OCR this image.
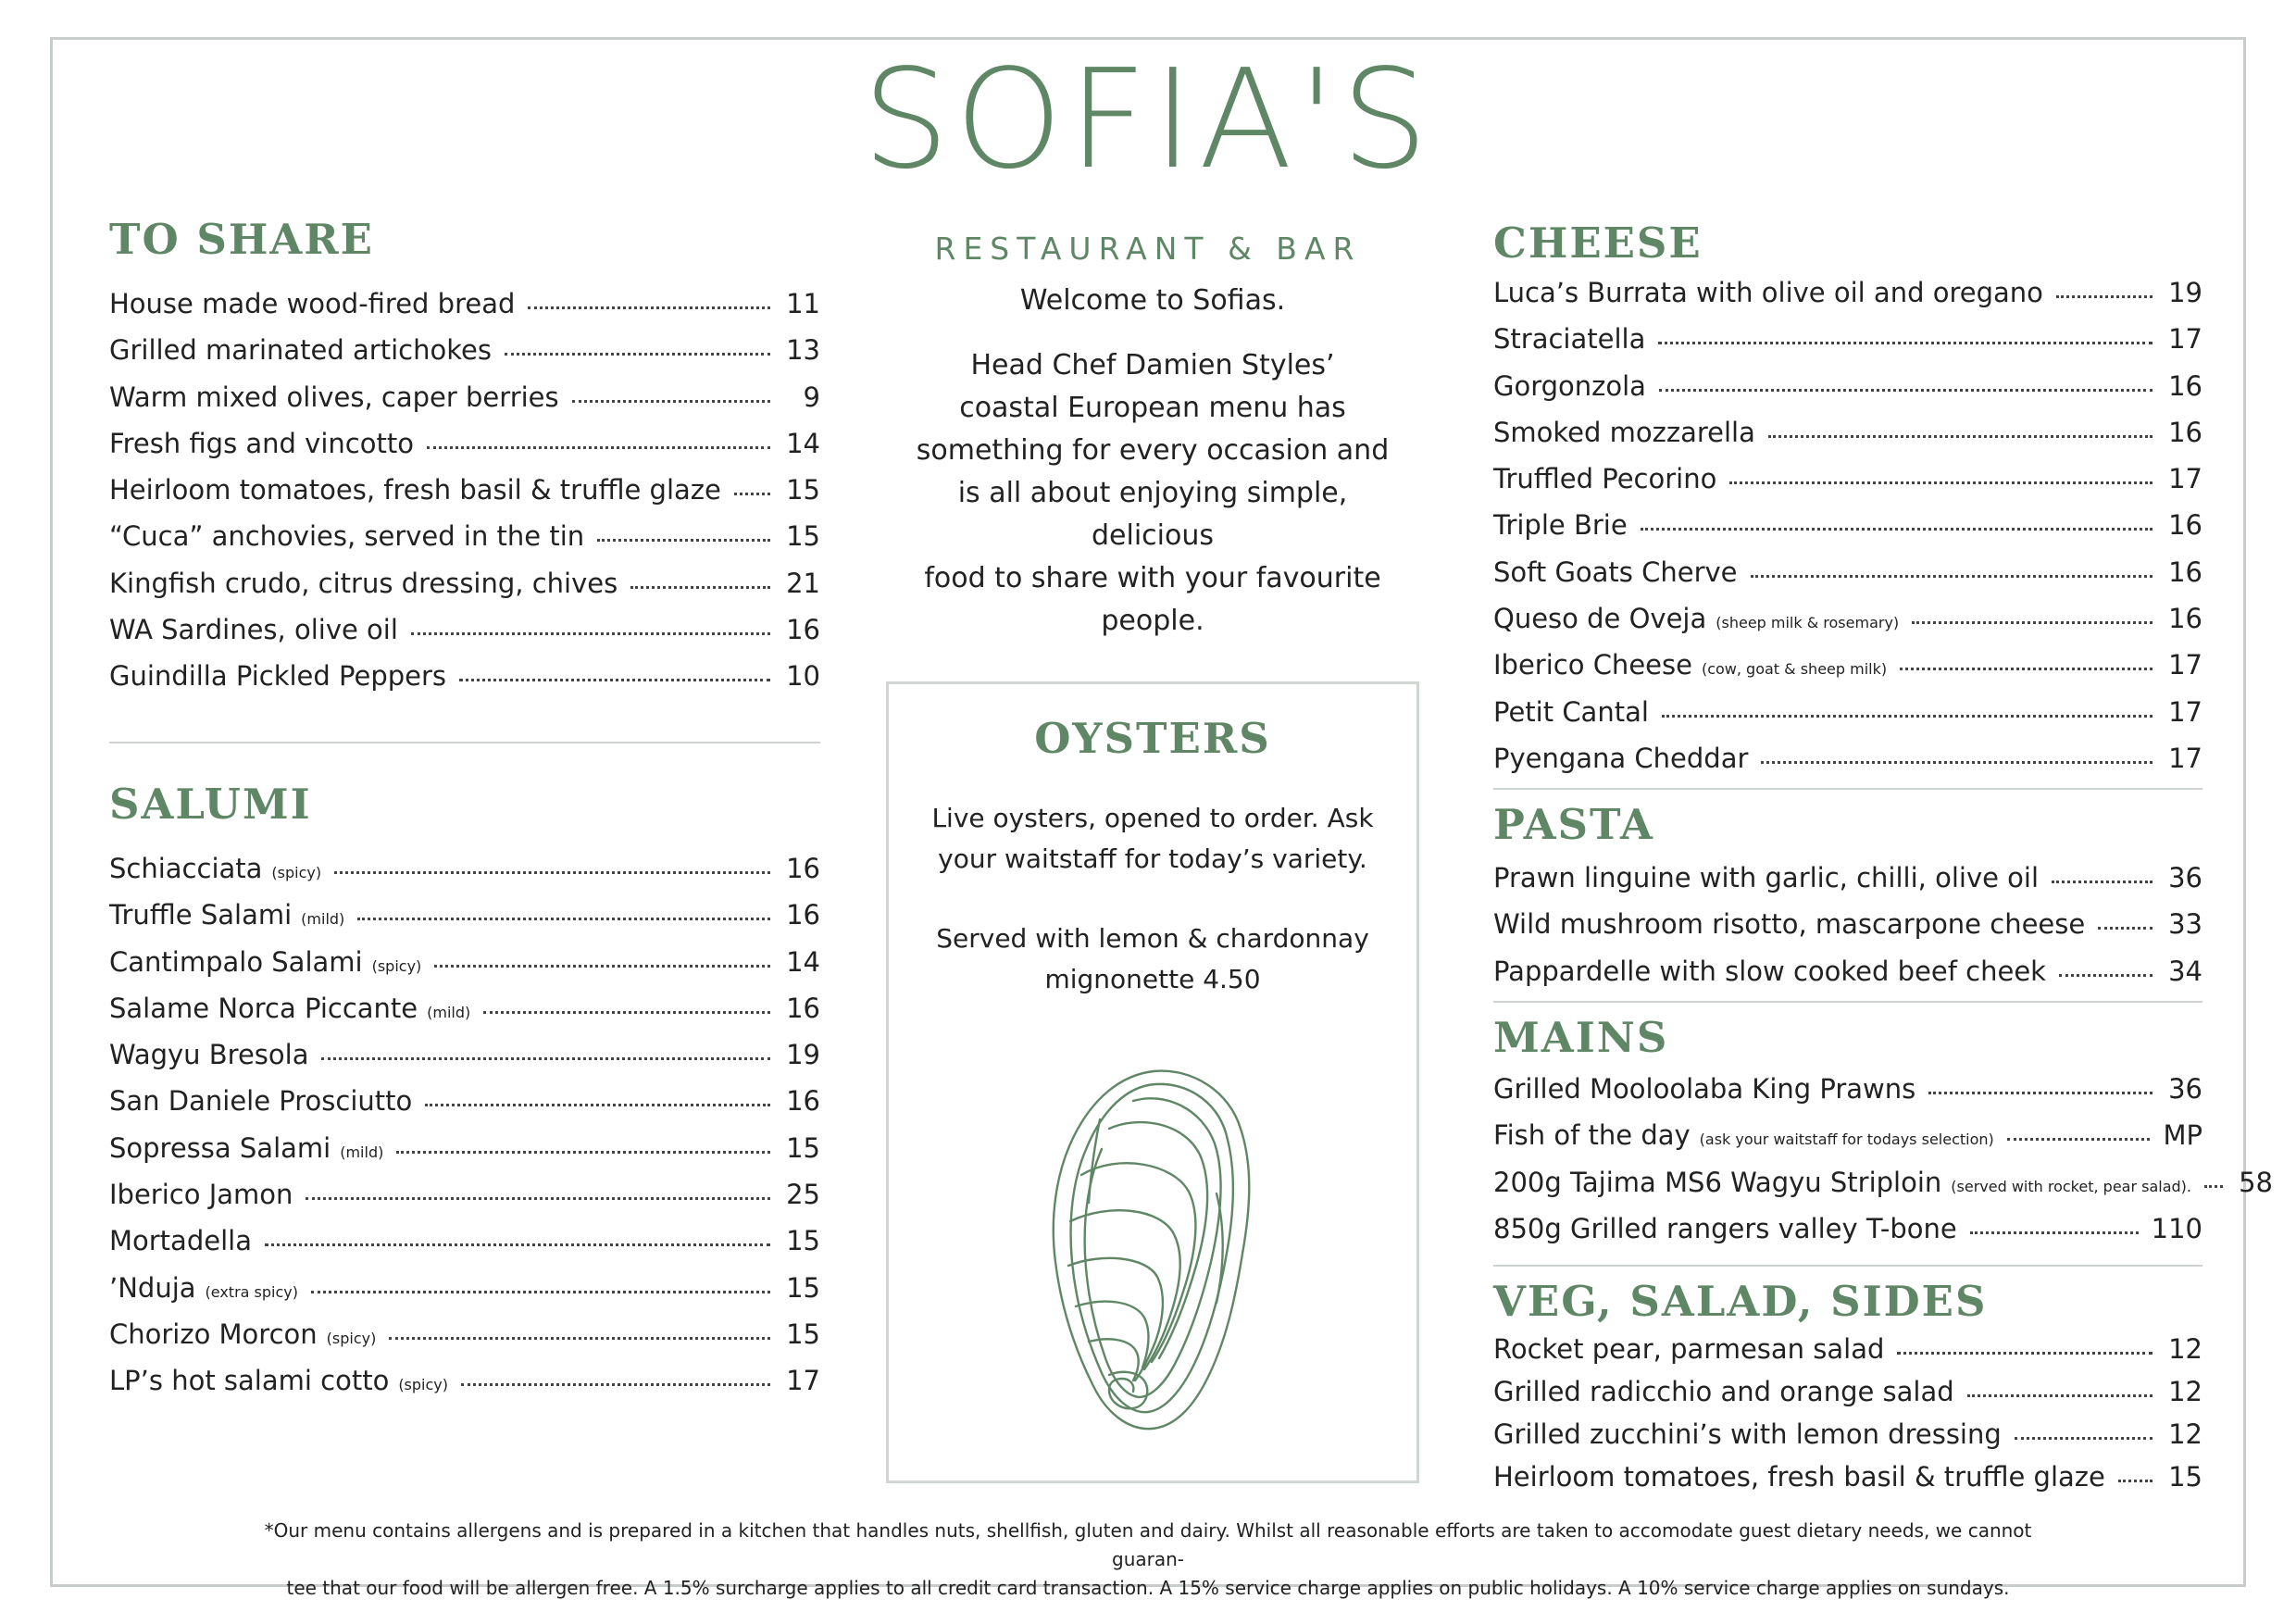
SOFIA'S
RESTAURANT & BAR
TO SHARE
House made wood-fired bread	11
Grilled marinated artichokes	13
Warm mixed olives, caper berries	9
Fresh figs and vincotto	14
Heirloom tomatoes, fresh basil & truffle glaze 15
“Cuca” anchovies, served in the tin	15
Kingfish crudo, citrus dressing, chives	21
WA Sardines, olive oil	16
Guindilla Pickled Peppers	10
SALUMI
Schiacciata (spicy)	16
Truffle Salami (mild)	16
Cantimpalo Salami (spicy)	14
Salame Norca Piccante (mild)	16
Wagyu Bresola	19
San Daniele Prosciutto	16
Sopressa Salami (mild)	15
Iberico Jamon	25
Mortadella	15
’Nduja (extra spicy)	15
Chorizo Morcon (spicy)	15
LP’s hot salami cotto (spicy)	17
Welcome to Sofias.
Head Chef Damien Styles’
coastal European menu has
something for every occasion and
is all about enjoying simple, delicious
food to share with your favourite
people.
OYSTERS
Live oysters, opened to order. Ask
your waitstaff for today’s variety.
Served with lemon & chardonnay
mignonette 4.50
CHEESE
Luca’s Burrata with olive oil and oregano	19
Straciatella	17
Gorgonzola	16
Smoked mozzarella	16
Truffled Pecorino	17
Triple Brie	16
Soft Goats Cherve	16
Queso de Oveja (sheep milk & rosemary)	16
Iberico Cheese (cow, goat & sheep milk)	17
Petit Cantal	17
Pyengana Cheddar	17
PASTA
Prawn linguine with garlic, chilli, olive oil	36
Wild mushroom risotto, mascarpone cheese	33
Pappardelle with slow cooked beef cheek	34
MAINS
Grilled Mooloolaba King Prawns	36
Fish of the day (ask your waitstaff for todays selection)	MP
200g Tajima MS6 Wagyu Striploin (served with rocket, pear salad). 58
850g Grilled rangers valley T-bone	110
VEG, SALAD, SIDES
Rocket pear, parmesan salad	12
Grilled radicchio and orange salad	12
Grilled zucchini’s with lemon dressing	12
Heirloom tomatoes, fresh basil & truffle glaze 15
*Our menu contains allergens and is prepared in a kitchen that handles nuts, shellfish, gluten and dairy. Whilst all reasonable efforts are taken to accomodate guest dietary needs, we cannot guaran-
tee that our food will be allergen free. A 1.5% surcharge applies to all credit card transaction. A 15% service charge applies on public holidays. A 10% service charge applies on sundays.
